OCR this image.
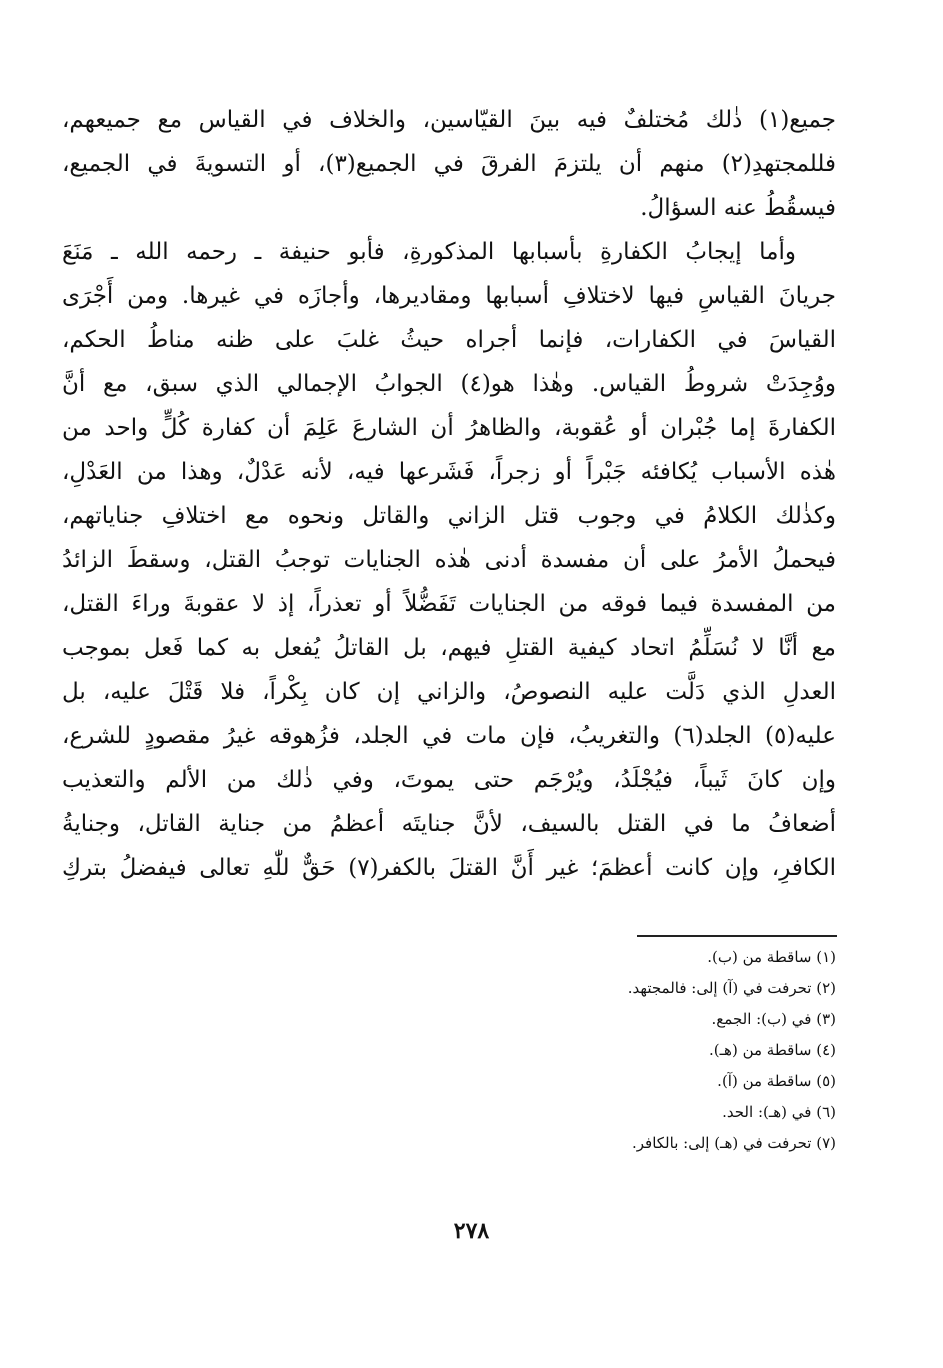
جميع(١) ذٰلك مُختلفٌ فيه بينَ القيّاسين، والخلاف في القياس مع جميعهم،
فللمجتهدِ(٢) منهم أن يلتزمَ الفرقَ في الجميع(٣)، أو التسويةَ في الجميع،
فيسقُطُ عنه السؤالُ.
وأما إيجابُ الكفارةِ بأسبابها المذكورةِ، فأبو حنيفة ـ رحمه الله ـ مَنَعَ
جريانَ القياسِ فيها لاختلافِ أسبابها ومقاديرها، وأجازَه في غيرها. ومن أَجْرَى
القياسَ في الكفارات، فإنما أجراه حيثُ غلبَ على ظنه مناطُ الحكم،
ووُجِدَتْ شروطُ القياس. وهٰذا هو(٤) الجوابُ الإجمالي الذي سبق، مع أنَّ
الكفارةَ إما جُبْران أو عُقوبة، والظاهرُ أن الشارعَ عَلِمَ أن كفارة كُلٍّ واحد من
هٰذه الأسباب يُكافئه جَبْراً أو زجراً، فَشَرعها فيه، لأنه عَدْلٌ، وهذا من العَدْلِ،
وكذٰلك الكلامُ في وجوب قتل الزاني والقاتل ونحوه مع اختلافِ جناياتهم،
فيحملُ الأمرُ على أن مفسدة أدنى هٰذه الجنايات توجبُ القتل، وسقطَ الزائدُ
من المفسدة فيما فوقه من الجنايات تَفَضُّلاً أو تعذراً، إذ لا عقوبةَ وراءَ القتل،
مع أنَّا لا نُسَلِّمُ اتحاد كيفية القتلِ فيهم، بل القاتلُ يُفعل به كما فَعل بموجب
العدلِ الذي دَلَّت عليه النصوصُ، والزاني إن كان بِكْراً، فلا قَتْلَ عليه، بل
عليه(٥) الجلد(٦) والتغريبُ، فإن مات في الجلد، فزُهوقه غيرُ مقصودٍ للشرع،
وإن كانَ ثَيباً، فيُجْلَدُ، ويُرْجَم حتى يموتَ، وفي ذٰلك من الألم والتعذيب
أضعافُ ما في القتل بالسيف، لأنَّ جنايتَه أعظمُ من جناية القاتل، وجنايةُ
الكافرِ، وإن كانت أعظمَ؛ غير أَنَّ القتلَ بالكفر(٧) حَقٌّ للّٰهِ تعالى فيفضلُ بتركِ
(١) ساقطة من (ب).
(٢) تحرفت في (آ) إلى: فالمجتهد.
(٣) في (ب): الجمع.
(٤) ساقطة من (هـ).
(٥) ساقطة من (آ).
(٦) في (هـ): الحد.
(٧) تحرفت في (هـ) إلى: بالكافر.
٢٧٨
